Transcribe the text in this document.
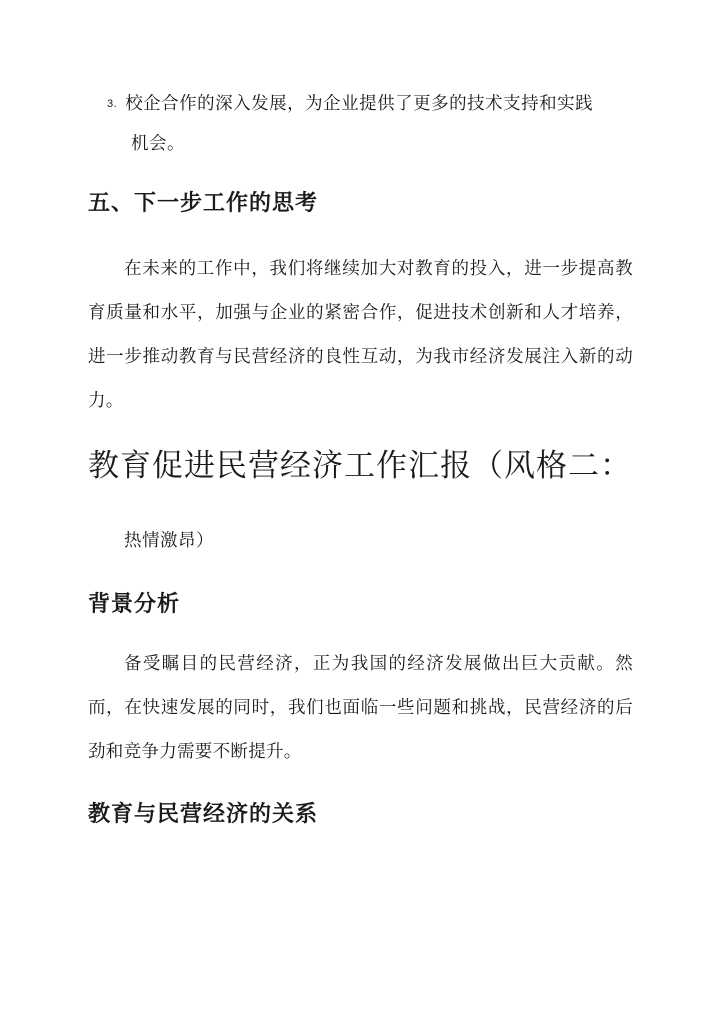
3. 校企合作的深入发展，为企业提供了更多的技术支持和实践
机会。
五、下一步工作的思考

在未来的工作中，我们将继续加大对教育的投入，进一步提高教育质量和水平，加强与企业的紧密合作，促进技术创新和人才培养，进一步推动教育与民营经济的良性互动，为我市经济发展注入新的动力。

教育促进民营经济工作汇报（风格二：
热情激昂）
背景分析

备受瞩目的民营经济，正为我国的经济发展做出巨大贡献。然而，在快速发展的同时，我们也面临一些问题和挑战，民营经济的后劲和竞争力需要不断提升。

教育与民营经济的关系
